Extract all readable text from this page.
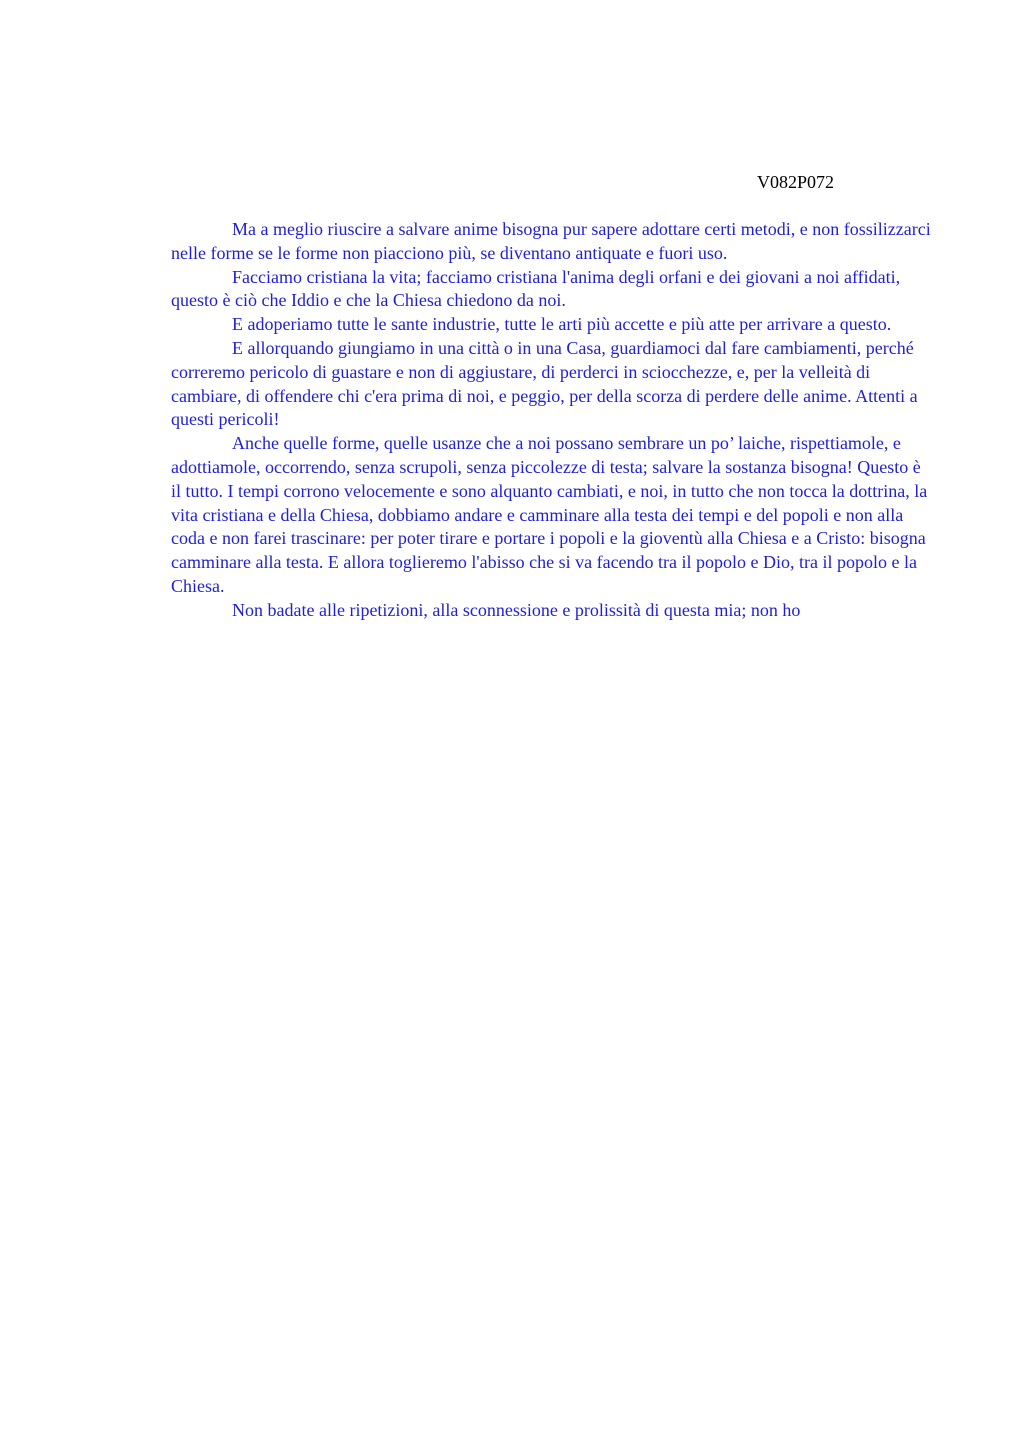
V082P072

Ma a meglio riuscire a salvare anime bisogna pur sapere adottare certi metodi, e non fossilizzarci nelle forme se le forme non piacciono più, se diventano antiquate e fuori uso.

Facciamo cristiana la vita; facciamo cristiana l'anima degli orfani e dei giovani a noi affidati, questo è ciò che Iddio e che la Chiesa chiedono da noi.

E adoperiamo tutte le sante industrie, tutte le arti più accette e più atte per arrivare a questo.

E allorquando giungiamo in una città o in una Casa, guardiamoci dal fare cambiamenti, perché correremo pericolo di guastare e non di aggiustare, di perderci in sciocchezze, e, per la velleità di cambiare, di offendere chi c'era prima di noi, e peggio, per della scorza di perdere delle anime. Attenti a questi pericoli!

Anche quelle forme, quelle usanze che a noi possano sembrare un po’ laiche, rispettiamole, e adottiamole, occorrendo, senza scrupoli, senza piccolezze di testa; salvare la sostanza bisogna! Questo è il tutto. I tempi corrono velocemente e sono alquanto cambiati, e noi, in tutto che non tocca la dottrina, la vita cristiana e della Chiesa, dobbiamo andare e camminare alla testa dei tempi e del popoli e non alla coda e non farei trascinare: per poter tirare e portare i popoli e la gioventù alla Chiesa e a Cristo: bisogna camminare alla testa. E allora toglieremo l'abisso che si va facendo tra il popolo e Dio, tra il popolo e la Chiesa.

Non badate alle ripetizioni, alla sconnessione e prolissità di questa mia; non ho
